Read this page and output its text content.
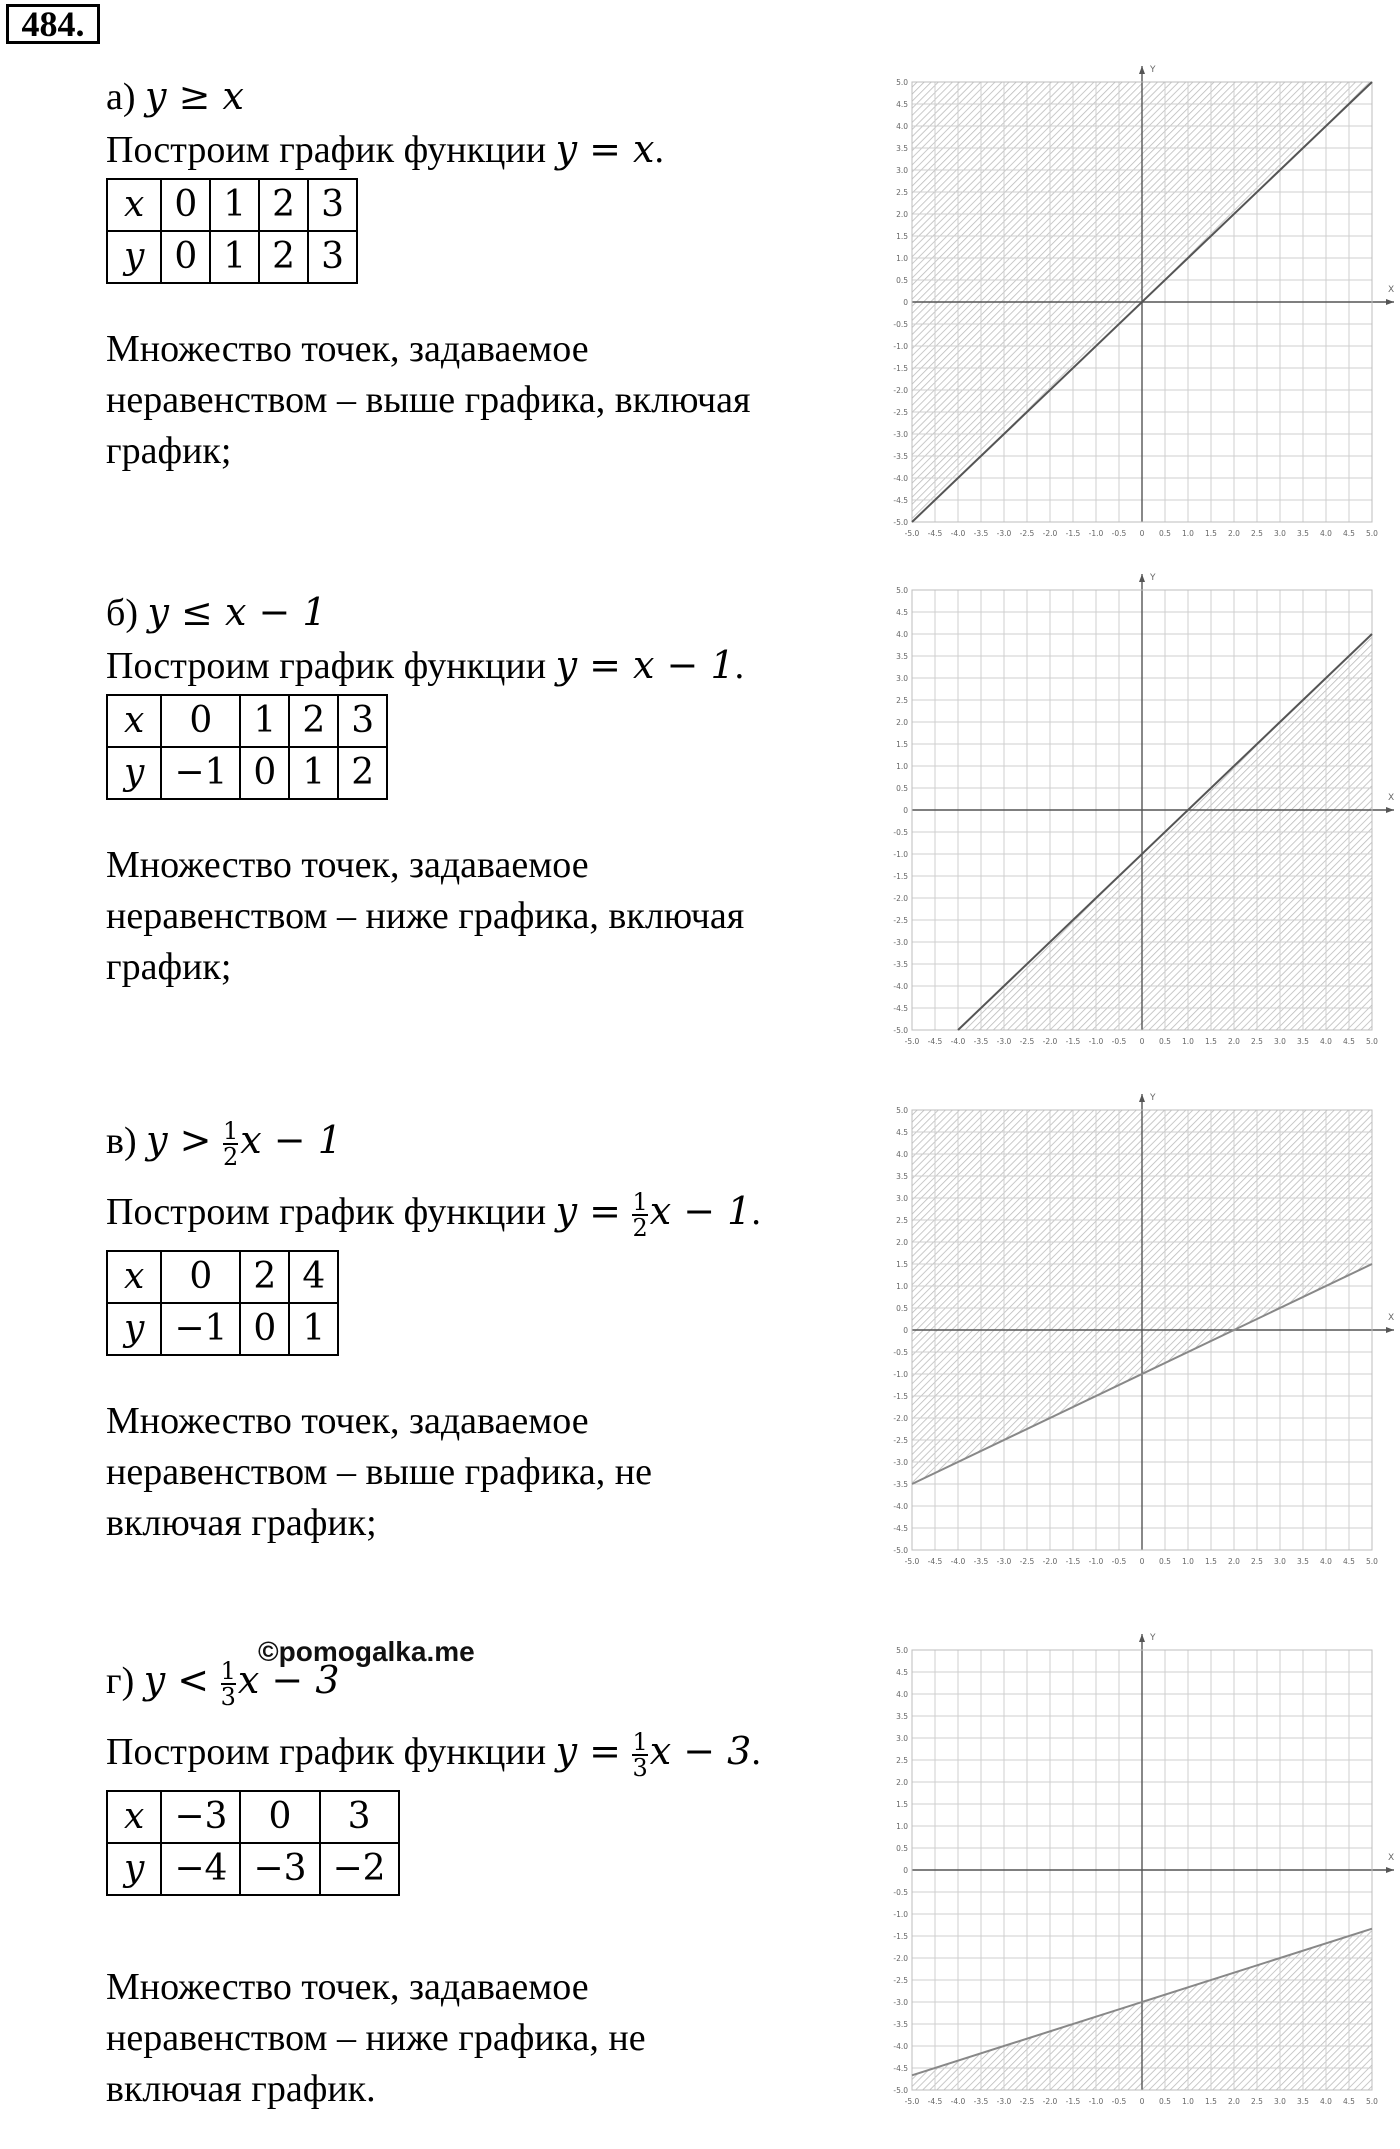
484.
а) y ≥ x
Построим график функции y = x.
x	0	1	2	3
y	0	1	2	3
Множество точек, задаваемое
неравенством – выше графика, включая
график;
б) y ≤ x − 1
Построим график функции y = x − 1.
x	0	1	2	3
y	−1	0	1	2
Множество точек, задаваемое
неравенством – ниже графика, включая
график;
в) $y > \frac{1}{2}$ x − 1
Построим график функции $y = \frac{1}{2}$ x − 1.
x	0	2	4
y	−1	0	1
Множество точек, задаваемое
неравенством – выше графика, не
включая график;
г) $y < \frac{1}{3}$ x − 3
Построим график функции $y = \frac{1}{3}$ x − 3.
x	−3	0	3
y	−4	−3	−2
Множество точек, задаваемое
неравенством – ниже графика, не
включая график.
©pomogalka.me
X
Y
-5.0 -4.5 -4.0 -3.5 -3.0 -2.5 -2.0 -1.5 -1.0 -0.5 0 0.5 1.0 1.5 2.0 2.5 3.0 3.5 4.0 4.5 5.0
-5.0
-4.5
-4.0
-3.5
-3.0
-2.5
-2.0
-1.5
-1.0
-0.5
0
0.5
1.0
1.5
2.0
2.5
3.0
3.5
4.0
4.5
5.0
X
Y
-5.0 -4.5 -4.0 -3.5 -3.0 -2.5 -2.0 -1.5 -1.0 -0.5 0 0.5 1.0 1.5 2.0 2.5 3.0 3.5 4.0 4.5 5.0
-5.0
-4.5
-4.0
-3.5
-3.0
-2.5
-2.0
-1.5
-1.0
-0.5
0
0.5
1.0
1.5
2.0
2.5
3.0
3.5
4.0
4.5
5.0
X
Y
-5.0 -4.5 -4.0 -3.5 -3.0 -2.5 -2.0 -1.5 -1.0 -0.5 0 0.5 1.0 1.5 2.0 2.5 3.0 3.5 4.0 4.5 5.0
-5.0
-4.5
-4.0
-3.5
-3.0
-2.5
-2.0
-1.5
-1.0
-0.5
0
0.5
1.0
1.5
2.0
2.5
3.0
3.5
4.0
4.5
5.0
X
Y
-5.0 -4.5 -4.0 -3.5 -3.0 -2.5 -2.0 -1.5 -1.0 -0.5 0 0.5 1.0 1.5 2.0 2.5 3.0 3.5 4.0 4.5 5.0
-5.0
-4.5
-4.0
-3.5
-3.0
-2.5
-2.0
-1.5
-1.0
-0.5
0
0.5
1.0
1.5
2.0
2.5
3.0
3.5
4.0
4.5
5.0
